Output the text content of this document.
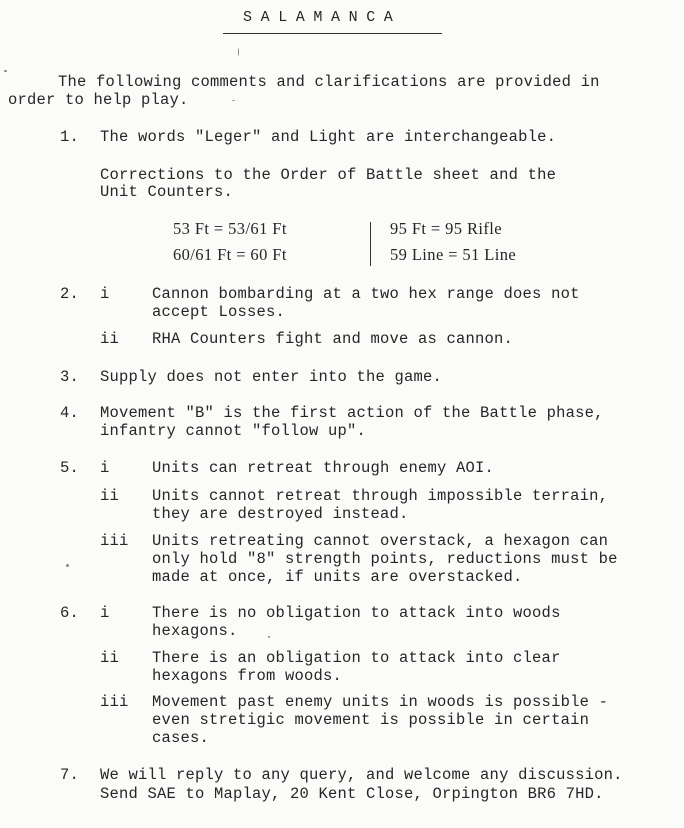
SALAMANCA
The following comments and clarifications are provided in
order to help play.
1. The words "Leger" and Light are interchangeable.
Corrections to the Order of Battle sheet and the
Unit Counters.
53 Ft = 53/61 Ft	95 Ft = 95 Rifle
60/61 Ft = 60 Ft	59 Line = 51 Line
2. i	Cannon bombarding at a two hex range does not
accept Losses.
ii RHA Counters fight and move as cannon.
3. Supply does not enter into the game.
4. Movement "B" is the first action of the Battle phase,
infantry cannot "follow up".
5. i	Units can retreat through enemy AOI.
ii Units cannot retreat through impossible terrain,
they are destroyed instead.
iii Units retreating cannot overstack, a hexagon can
only hold "8" strength points, reductions must be
made at once, if units are overstacked.
6. i	There is no obligation to attack into woods
hexagons.
ii There is an obligation to attack into clear
hexagons from woods.
iii Movement past enemy units in woods is possible -
even stretigic movement is possible in certain
cases.
7. We will reply to any query, and welcome any discussion.
Send SAE to Maplay, 20 Kent Close, Orpington BR6 7HD.
